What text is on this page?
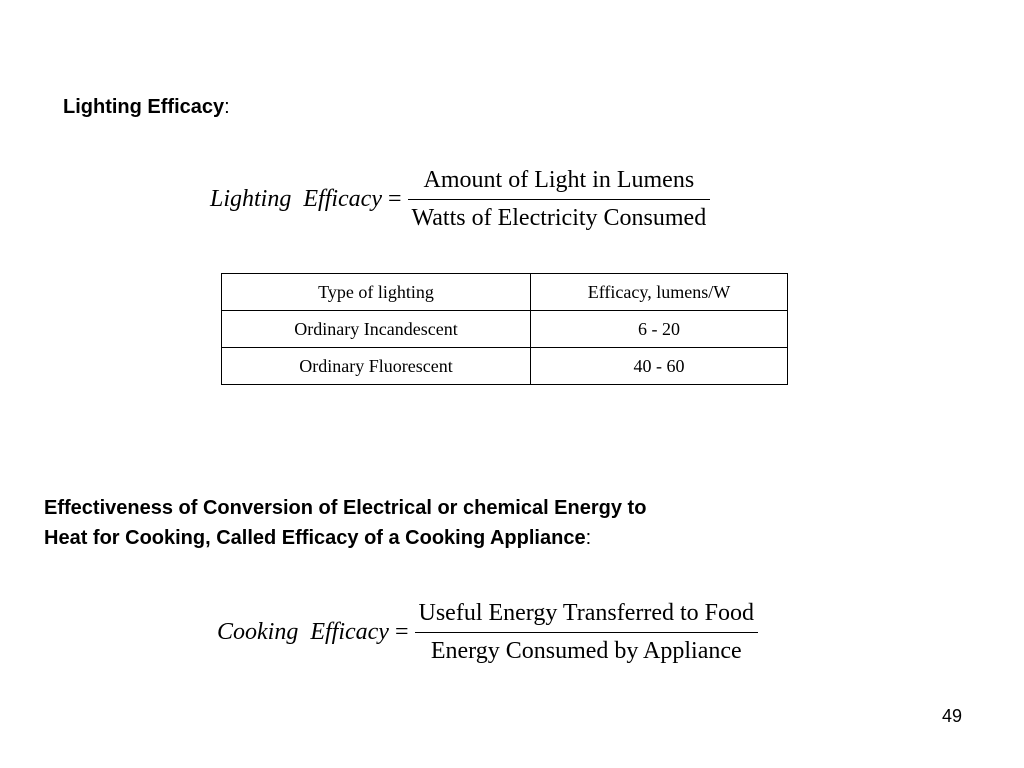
Lighting Efficacy:
Lighting Efficacy = $\frac{\text{Amount of Light in Lumens}}{\text{Watts of Electricity Consumed}}$
Type of lighting	Efficacy, lumens/W
Ordinary Incandescent	6 - 20
Ordinary Fluorescent	40 - 60
Effectiveness of Conversion of Electrical or chemical Energy to
Heat for Cooking, Called Efficacy of a Cooking Appliance:
Cooking Efficacy = $\frac{\text{Useful Energy Transferred to Food}}{\text{Energy Consumed by Appliance}}$
49
